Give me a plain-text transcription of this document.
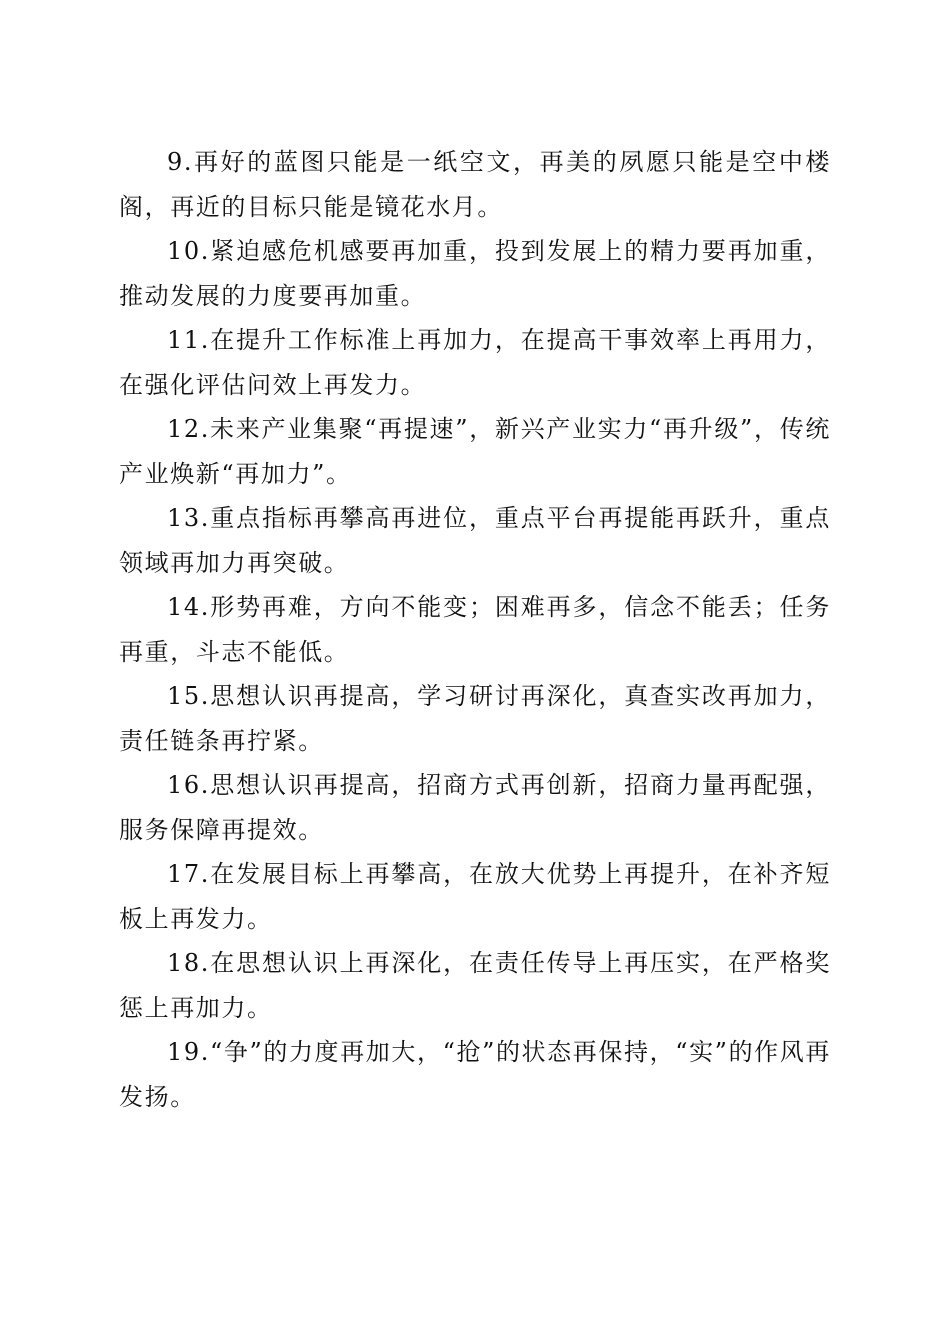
9.再好的蓝图只能是一纸空文，再美的夙愿只能是空中楼阁，再近的目标只能是镜花水月。

10.紧迫感危机感要再加重，投到发展上的精力要再加重，推动发展的力度要再加重。

11.在提升工作标准上再加力，在提高干事效率上再用力，在强化评估问效上再发力。

12.未来产业集聚“再提速”，新兴产业实力“再升级”，传统产业焕新“再加力”。

13.重点指标再攀高再进位，重点平台再提能再跃升，重点领域再加力再突破。

14.形势再难，方向不能变；困难再多，信念不能丢；任务再重，斗志不能低。

15.思想认识再提高，学习研讨再深化，真查实改再加力，责任链条再拧紧。

16.思想认识再提高，招商方式再创新，招商力量再配强，服务保障再提效。

17.在发展目标上再攀高，在放大优势上再提升，在补齐短板上再发力。

18.在思想认识上再深化，在责任传导上再压实，在严格奖惩上再加力。

19.“争”的力度再加大，“抢”的状态再保持，“实”的作风再发扬。
